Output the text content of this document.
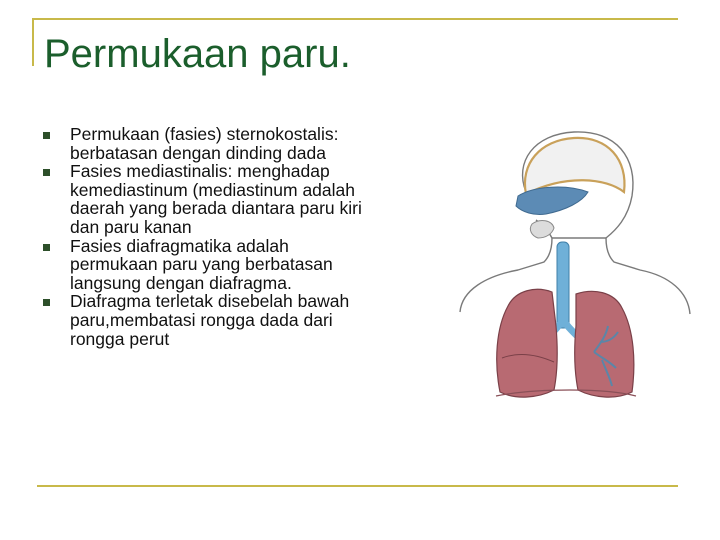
Permukaan paru.
Permukaan (fasies) sternokostalis: berbatasan dengan dinding dada
Fasies mediastinalis: menghadap kemediastinum (mediastinum adalah daerah yang berada diantara paru kiri dan paru kanan
Fasies diafragmatika adalah permukaan paru yang berbatasan langsung dengan diafragma.
Diafragma terletak disebelah bawah paru,membatasi rongga dada dari rongga perut
